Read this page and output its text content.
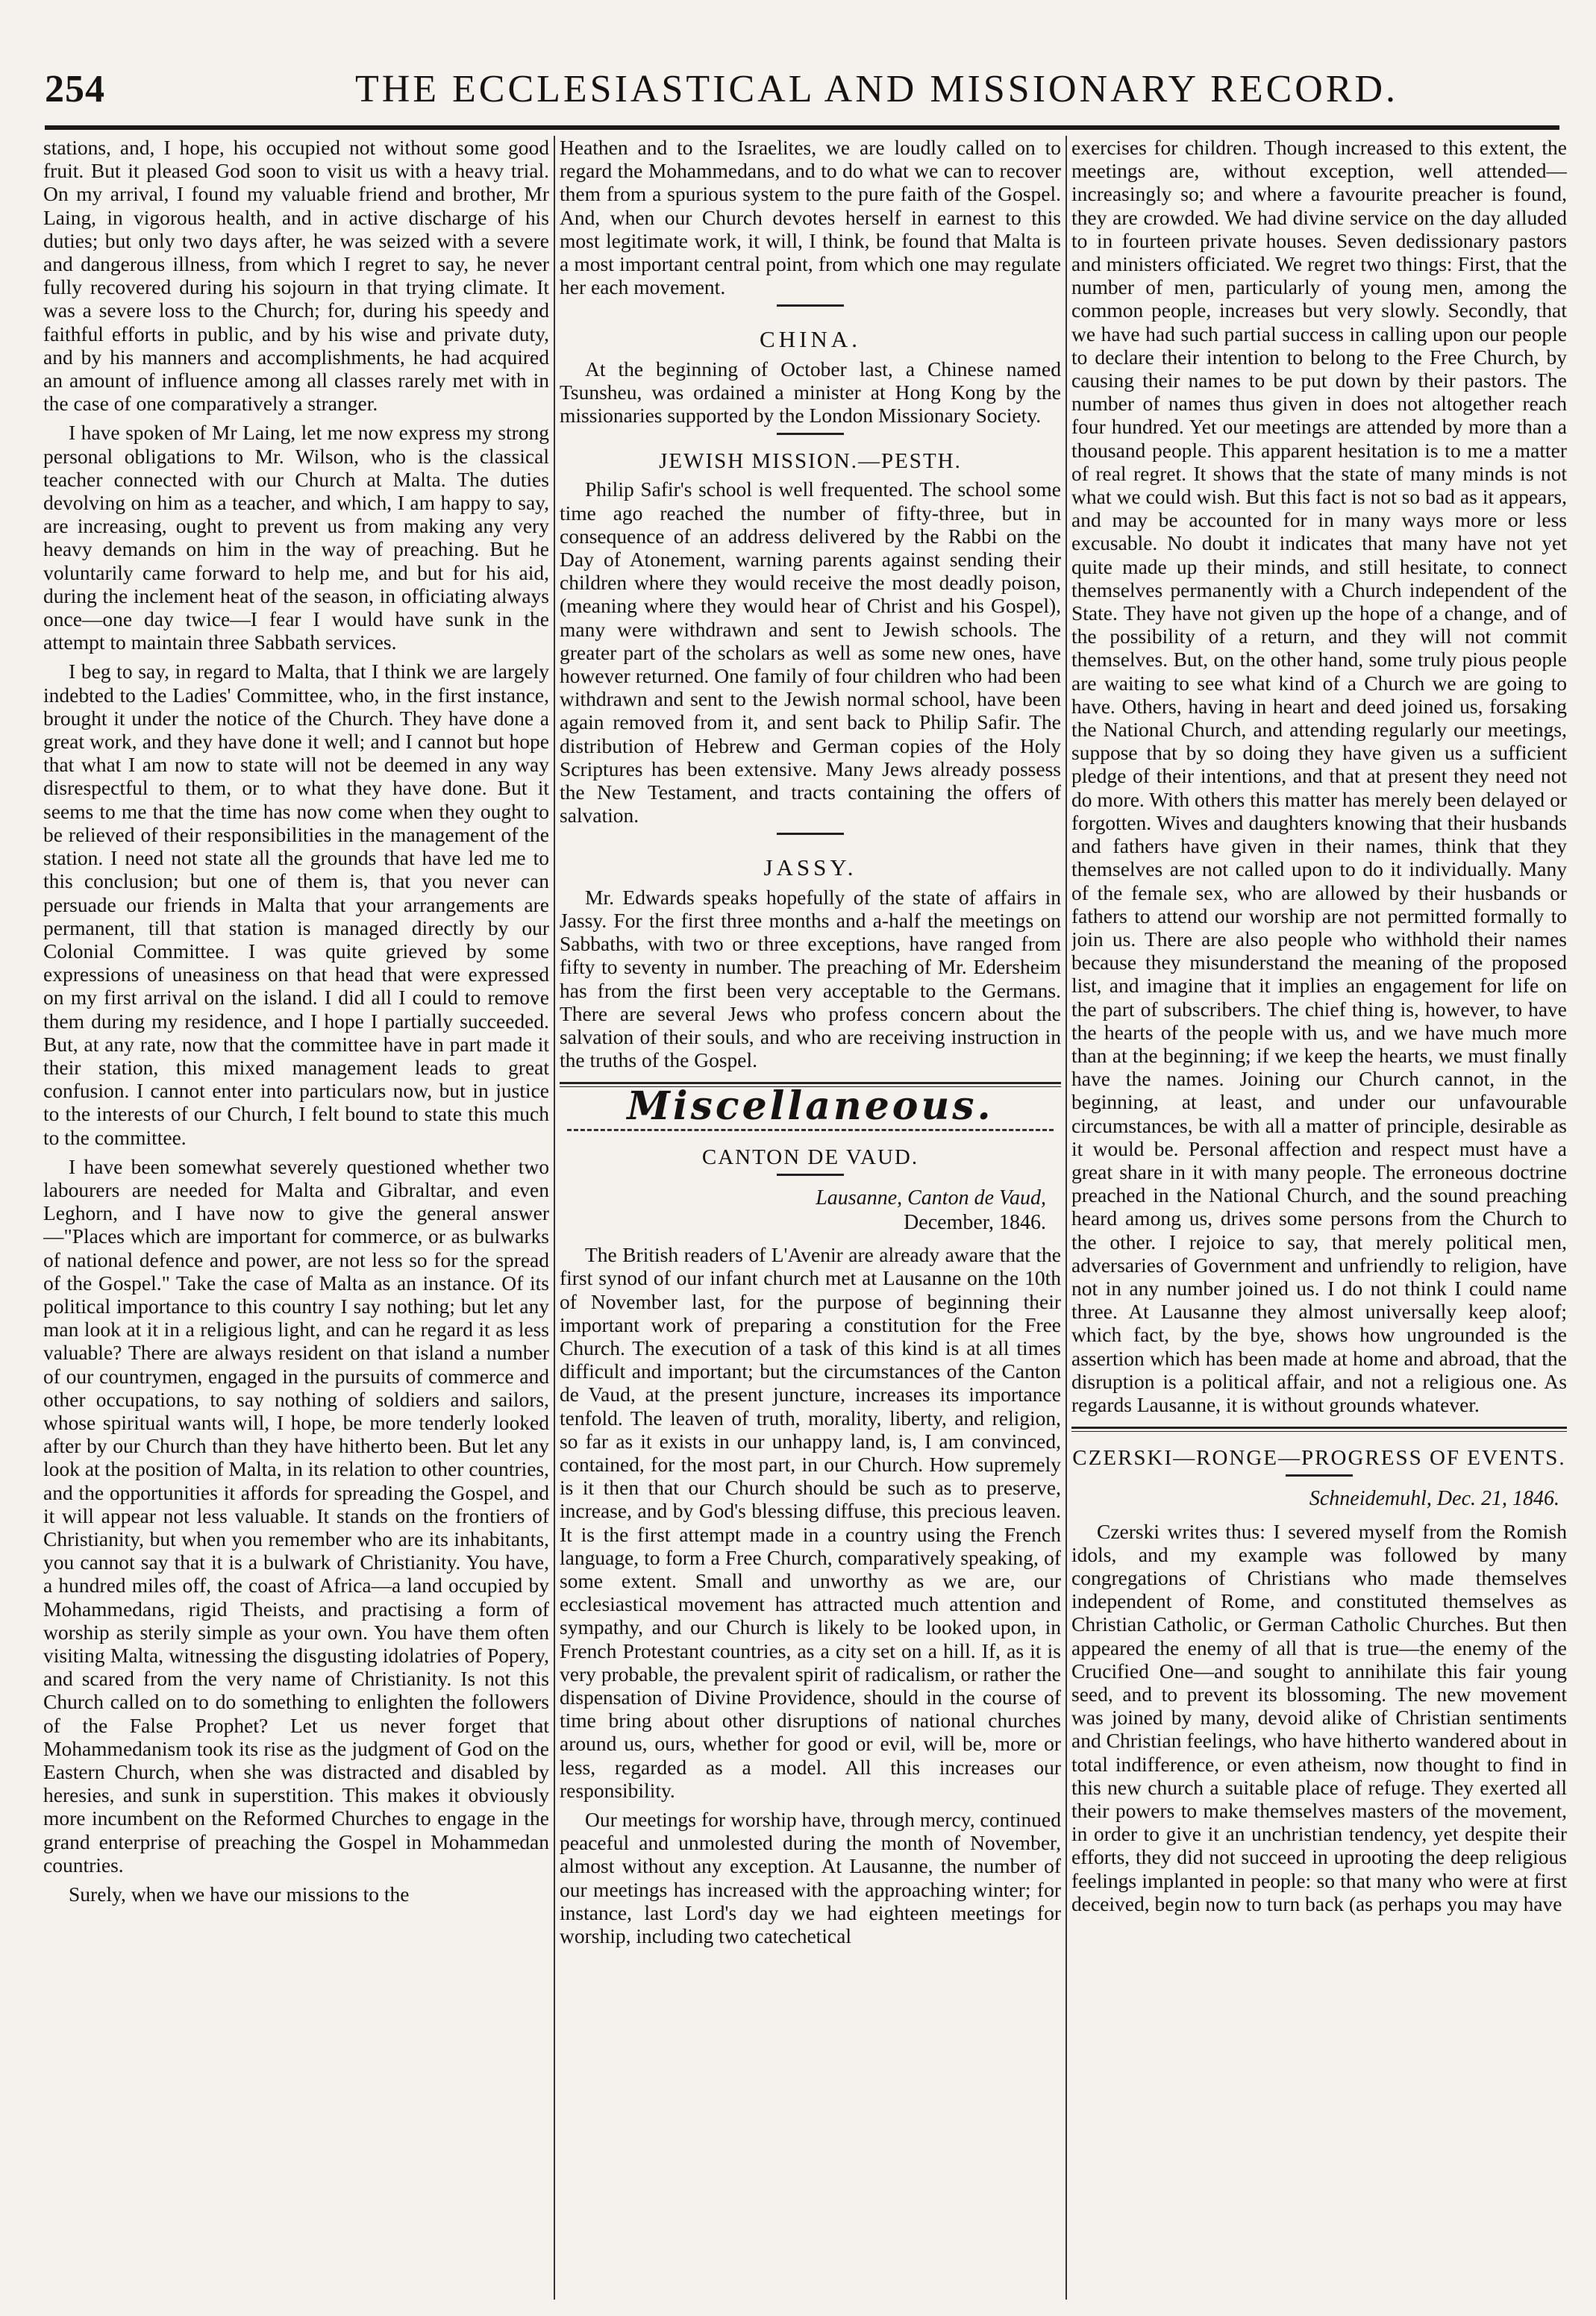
254	THE ECCLESIASTICAL AND MISSIONARY RECORD.

stations, and, I hope, his occupied not without some good fruit. But it pleased God soon to visit us with a heavy trial. On my arrival, I found my valuable friend and brother, Mr Laing, in vigorous health, and in active discharge of his duties; but only two days after, he was seized with a severe and dangerous illness, from which I regret to say, he never fully recovered during his sojourn in that trying climate. It was a severe loss to the Church; for, during his speedy and faithful efforts in public, and by his wise and private duty, and by his manners and accomplishments, he had acquired an amount of influence among all classes rarely met with in the case of one comparatively a stranger.

I have spoken of Mr Laing, let me now express my strong personal obligations to Mr. Wilson, who is the classical teacher connected with our Church at Malta. The duties devolving on him as a teacher, and which, I am happy to say, are increasing, ought to prevent us from making any very heavy demands on him in the way of preaching. But he voluntarily came forward to help me, and but for his aid, during the inclement heat of the season, in officiating always once—one day twice—I fear I would have sunk in the attempt to maintain three Sabbath services.

I beg to say, in regard to Malta, that I think we are largely indebted to the Ladies' Committee, who, in the first instance, brought it under the notice of the Church. They have done a great work, and they have done it well; and I cannot but hope that what I am now to state will not be deemed in any way disrespectful to them, or to what they have done. But it seems to me that the time has now come when they ought to be relieved of their responsibilities in the management of the station. I need not state all the grounds that have led me to this conclusion; but one of them is, that you never can persuade our friends in Malta that your arrangements are permanent, till that station is managed directly by our Colonial Committee. I was quite grieved by some expressions of uneasiness on that head that were expressed on my first arrival on the island. I did all I could to remove them during my residence, and I hope I partially succeeded. But, at any rate, now that the committee have in part made it their station, this mixed management leads to great confusion. I cannot enter into particulars now, but in justice to the interests of our Church, I felt bound to state this much to the committee.

I have been somewhat severely questioned whether two labourers are needed for Malta and Gibraltar, and even Leghorn, and I have now to give the general answer—"Places which are important for commerce, or as bulwarks of national defence and power, are not less so for the spread of the Gospel." Take the case of Malta as an instance. Of its political importance to this country I say nothing; but let any man look at it in a religious light, and can he regard it as less valuable? There are always resident on that island a number of our countrymen, engaged in the pursuits of commerce and other occupations, to say nothing of soldiers and sailors, whose spiritual wants will, I hope, be more tenderly looked after by our Church than they have hitherto been. But let any look at the position of Malta, in its relation to other countries, and the opportunities it affords for spreading the Gospel, and it will appear not less valuable. It stands on the frontiers of Christianity, but when you remember who are its inhabitants, you cannot say that it is a bulwark of Christianity. You have, a hundred miles off, the coast of Africa—a land occupied by Mohammedans, rigid Theists, and practising a form of worship as sterily simple as your own. You have them often visiting Malta, witnessing the disgusting idolatries of Popery, and scared from the very name of Christianity. Is not this Church called on to do something to enlighten the followers of the False Prophet? Let us never forget that Mohammedanism took its rise as the judgment of God on the Eastern Church, when she was distracted and disabled by heresies, and sunk in superstition. This makes it obviously more incumbent on the Reformed Churches to engage in the grand enterprise of preaching the Gospel in Mohammedan countries.

Surely, when we have our missions to the

Heathen and to the Israelites, we are loudly called on to regard the Mohammedans, and to do what we can to recover them from a spurious system to the pure faith of the Gospel. And, when our Church devotes herself in earnest to this most legitimate work, it will, I think, be found that Malta is a most important central point, from which one may regulate her each movement.

CHINA.

At the beginning of October last, a Chinese named Tsunsheu, was ordained a minister at Hong Kong by the missionaries supported by the London Missionary Society.

JEWISH MISSION.—PESTH.

Philip Safir's school is well frequented. The school some time ago reached the number of fifty-three, but in consequence of an address delivered by the Rabbi on the Day of Atonement, warning parents against sending their children where they would receive the most deadly poison, (meaning where they would hear of Christ and his Gospel), many were withdrawn and sent to Jewish schools. The greater part of the scholars as well as some new ones, have however returned. One family of four children who had been withdrawn and sent to the Jewish normal school, have been again removed from it, and sent back to Philip Safir. The distribution of Hebrew and German copies of the Holy Scriptures has been extensive. Many Jews already possess the New Testament, and tracts containing the offers of salvation.

JASSY.

Mr. Edwards speaks hopefully of the state of affairs in Jassy. For the first three months and a-half the meetings on Sabbaths, with two or three exceptions, have ranged from fifty to seventy in number. The preaching of Mr. Edersheim has from the first been very acceptable to the Germans. There are several Jews who profess concern about the salvation of their souls, and who are receiving instruction in the truths of the Gospel.

Miscellaneous.
CANTON DE VAUD.
Lausanne, Canton de Vaud,
December, 1846.

The British readers of L'Avenir are already aware that the first synod of our infant church met at Lausanne on the 10th of November last, for the purpose of beginning their important work of preparing a constitution for the Free Church. The execution of a task of this kind is at all times difficult and important; but the circumstances of the Canton de Vaud, at the present juncture, increases its importance tenfold. The leaven of truth, morality, liberty, and religion, so far as it exists in our unhappy land, is, I am convinced, contained, for the most part, in our Church. How supremely is it then that our Church should be such as to preserve, increase, and by God's blessing diffuse, this precious leaven. It is the first attempt made in a country using the French language, to form a Free Church, comparatively speaking, of some extent. Small and unworthy as we are, our ecclesiastical movement has attracted much attention and sympathy, and our Church is likely to be looked upon, in French Protestant countries, as a city set on a hill. If, as it is very probable, the prevalent spirit of radicalism, or rather the dispensation of Divine Providence, should in the course of time bring about other disruptions of national churches around us, ours, whether for good or evil, will be, more or less, regarded as a model. All this increases our responsibility.

Our meetings for worship have, through mercy, continued peaceful and unmolested during the month of November, almost without any exception. At Lausanne, the number of our meetings has increased with the approaching winter; for instance, last Lord's day we had eighteen meetings for worship, including two catechetical

exercises for children. Though increased to this extent, the meetings are, without exception, well attended—increasingly so; and where a favourite preacher is found, they are crowded. We had divine service on the day alluded to in fourteen private houses. Seven dedissionary pastors and ministers officiated. We regret two things: First, that the number of men, particularly of young men, among the common people, increases but very slowly. Secondly, that we have had such partial success in calling upon our people to declare their intention to belong to the Free Church, by causing their names to be put down by their pastors. The number of names thus given in does not altogether reach four hundred. Yet our meetings are attended by more than a thousand people. This apparent hesitation is to me a matter of real regret. It shows that the state of many minds is not what we could wish. But this fact is not so bad as it appears, and may be accounted for in many ways more or less excusable. No doubt it indicates that many have not yet quite made up their minds, and still hesitate, to connect themselves permanently with a Church independent of the State. They have not given up the hope of a change, and of the possibility of a return, and they will not commit themselves. But, on the other hand, some truly pious people are waiting to see what kind of a Church we are going to have. Others, having in heart and deed joined us, forsaking the National Church, and attending regularly our meetings, suppose that by so doing they have given us a sufficient pledge of their intentions, and that at present they need not do more. With others this matter has merely been delayed or forgotten. Wives and daughters knowing that their husbands and fathers have given in their names, think that they themselves are not called upon to do it individually. Many of the female sex, who are allowed by their husbands or fathers to attend our worship are not permitted formally to join us. There are also people who withhold their names because they misunderstand the meaning of the proposed list, and imagine that it implies an engagement for life on the part of subscribers. The chief thing is, however, to have the hearts of the people with us, and we have much more than at the beginning; if we keep the hearts, we must finally have the names. Joining our Church cannot, in the beginning, at least, and under our unfavourable circumstances, be with all a matter of principle, desirable as it would be. Personal affection and respect must have a great share in it with many people. The erroneous doctrine preached in the National Church, and the sound preaching heard among us, drives some persons from the Church to the other. I rejoice to say, that merely political men, adversaries of Government and unfriendly to religion, have not in any number joined us. I do not think I could name three. At Lausanne they almost universally keep aloof; which fact, by the bye, shows how ungrounded is the assertion which has been made at home and abroad, that the disruption is a political affair, and not a religious one. As regards Lausanne, it is without grounds whatever.

CZERSKI—RONGE—PROGRESS OF EVENTS.
Schneidemuhl, Dec. 21, 1846.

Czerski writes thus: I severed myself from the Romish idols, and my example was followed by many congregations of Christians who made themselves independent of Rome, and constituted themselves as Christian Catholic, or German Catholic Churches. But then appeared the enemy of all that is true—the enemy of the Crucified One—and sought to annihilate this fair young seed, and to prevent its blossoming. The new movement was joined by many, devoid alike of Christian sentiments and Christian feelings, who have hitherto wandered about in total indifference, or even atheism, now thought to find in this new church a suitable place of refuge. They exerted all their powers to make themselves masters of the movement, in order to give it an unchristian tendency, yet despite their efforts, they did not succeed in uprooting the deep religious feelings implanted in people: so that many who were at first deceived, begin now to turn back (as perhaps you may have
